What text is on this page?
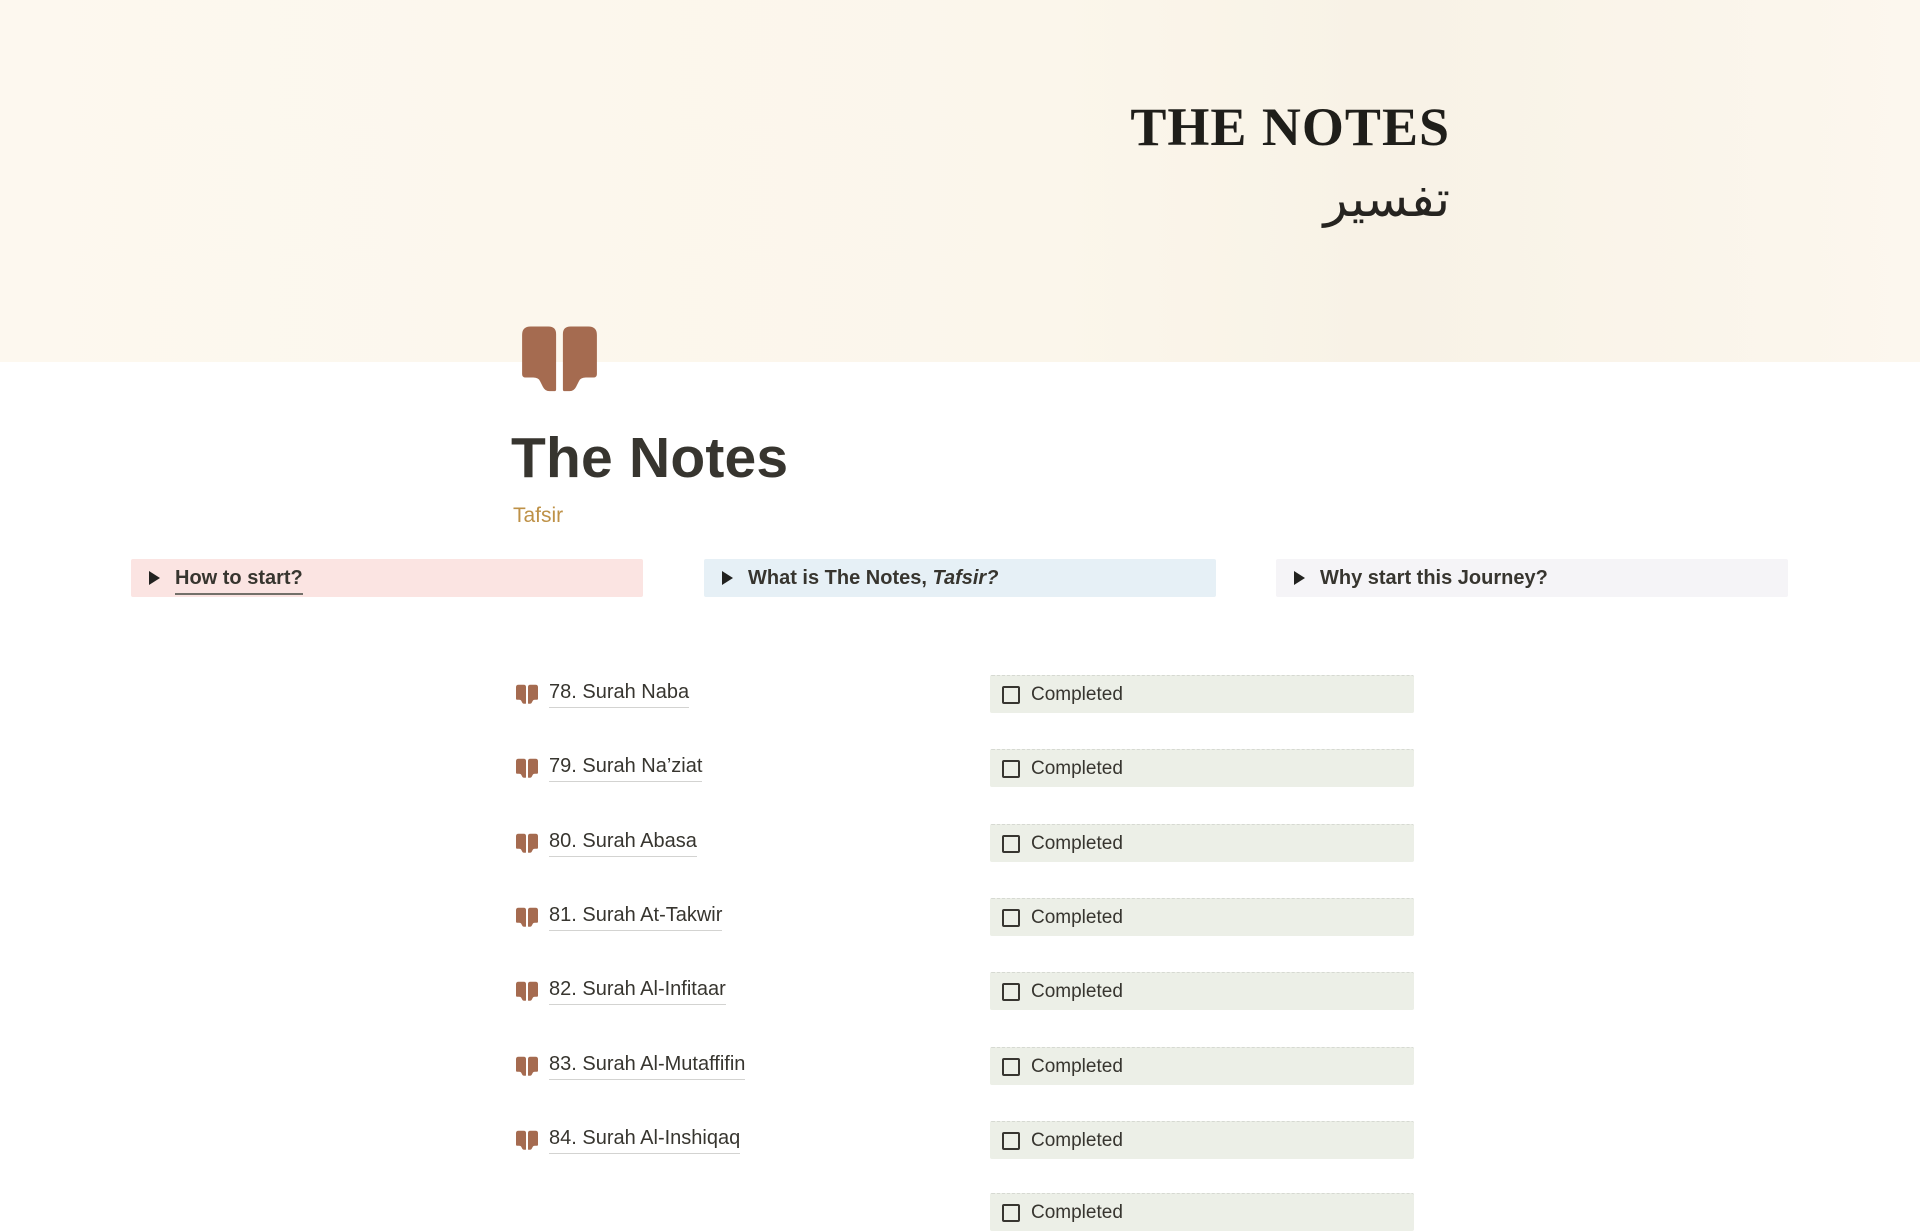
THE NOTES
تفسير
The Notes
Tafsir
How to start?	What is The Notes, Tafsir?	Why start this Journey?
78. Surah Naba	Completed
79. Surah Na’ziat	Completed
80. Surah Abasa	Completed
81. Surah At-Takwir	Completed
82. Surah Al-Infitaar	Completed
83. Surah Al-Mutaffifin	Completed
84. Surah Al-Inshiqaq	Completed
Completed
